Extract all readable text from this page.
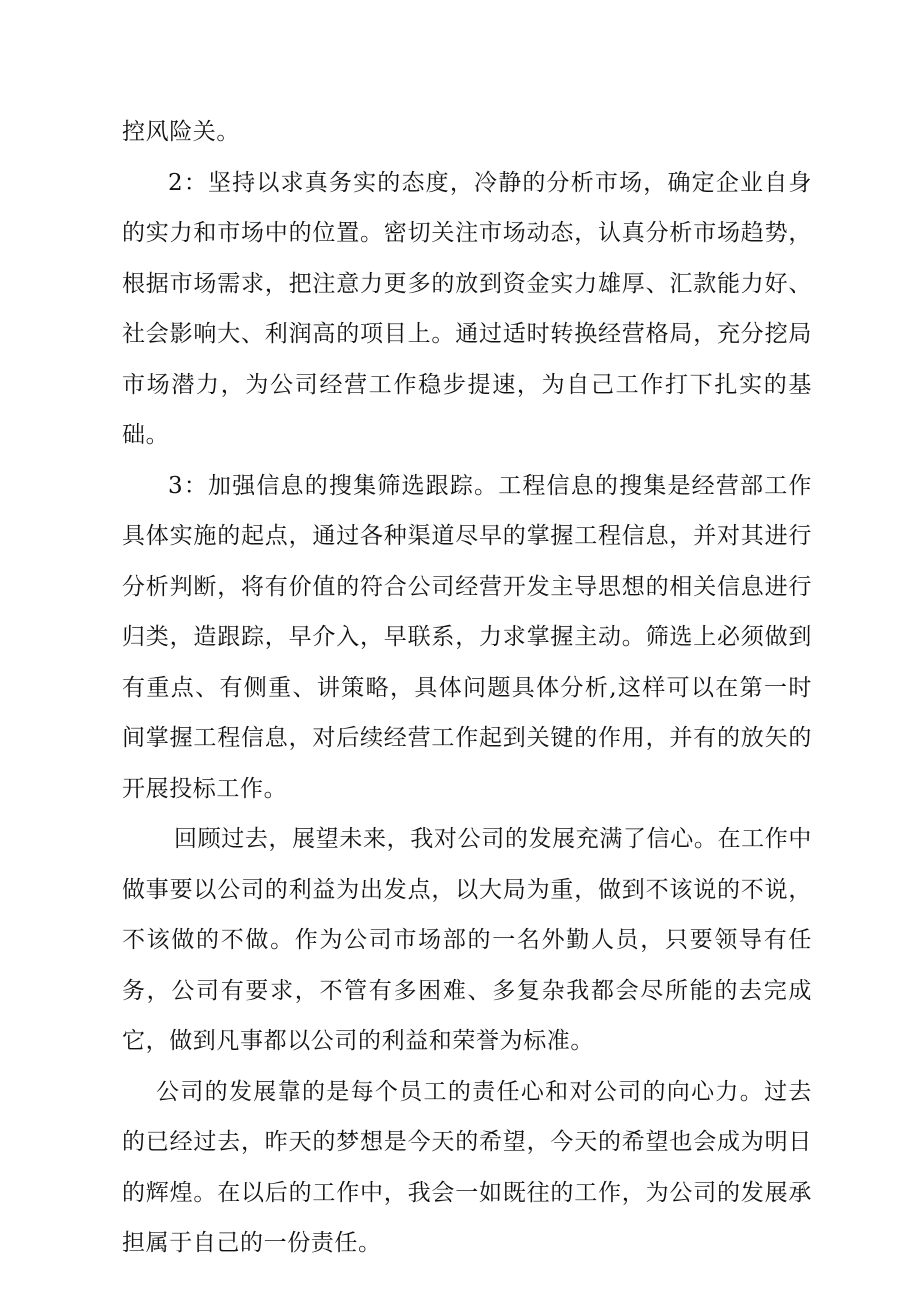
控风险关。

2：坚持以求真务实的态度，冷静的分析市场，确定企业自身的实力和市场中的位置。密切关注市场动态，认真分析市场趋势，根据市场需求，把注意力更多的放到资金实力雄厚、汇款能力好、社会影响大、利润高的项目上。通过适时转换经营格局，充分挖局市场潜力，为公司经营工作稳步提速，为自己工作打下扎实的基础。

3：加强信息的搜集筛选跟踪。工程信息的搜集是经营部工作具体实施的起点，通过各种渠道尽早的掌握工程信息，并对其进行分析判断，将有价值的符合公司经营开发主导思想的相关信息进行归类，造跟踪，早介入，早联系，力求掌握主动。筛选上必须做到有重点、有侧重、讲策略，具体问题具体分析,这样可以在第一时间掌握工程信息，对后续经营工作起到关键的作用，并有的放矢的开展投标工作。

回顾过去，展望未来，我对公司的发展充满了信心。在工作中做事要以公司的利益为出发点，以大局为重，做到不该说的不说，不该做的不做。作为公司市场部的一名外勤人员，只要领导有任务，公司有要求，不管有多困难、多复杂我都会尽所能的去完成它，做到凡事都以公司的利益和荣誉为标准。

公司的发展靠的是每个员工的责任心和对公司的向心力。过去的已经过去，昨天的梦想是今天的希望，今天的希望也会成为明日的辉煌。在以后的工作中，我会一如既往的工作，为公司的发展承担属于自己的一份责任。
